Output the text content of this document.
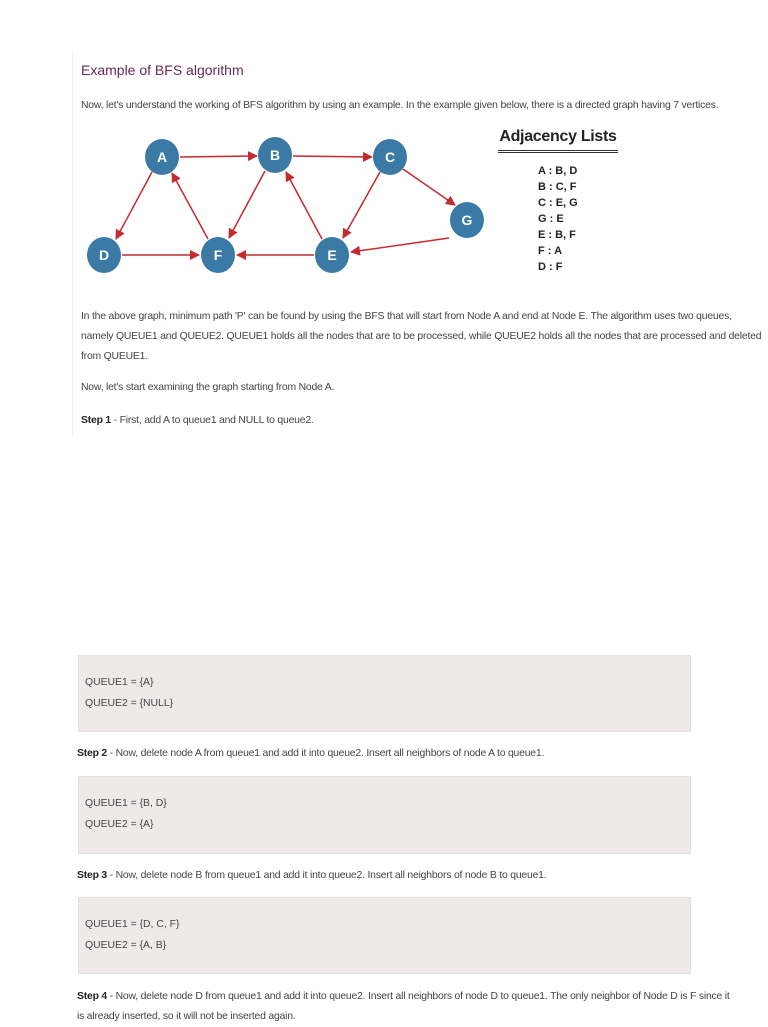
Example of BFS algorithm
Now, let's understand the working of BFS algorithm by using an example. In the example given below, there is a directed graph having 7 vertices.
A	B	C
G
D	F	E
Adjacency Lists
A : B, D
B : C, F
C : E, G
G : E
E : B, F
F : A
D : F
In the above graph, minimum path 'P' can be found by using the BFS that will start from Node A and end at Node E. The algorithm uses two queues,
namely QUEUE1 and QUEUE2. QUEUE1 holds all the nodes that are to be processed, while QUEUE2 holds all the nodes that are processed and deleted
from QUEUE1.
Now, let's start examining the graph starting from Node A.
Step 1 - First, add A to queue1 and NULL to queue2.
QUEUE1 = {A}
QUEUE2 = {NULL}
Step 2 - Now, delete node A from queue1 and add it into queue2. Insert all neighbors of node A to queue1.
QUEUE1 = {B, D}
QUEUE2 = {A}
Step 3 - Now, delete node B from queue1 and add it into queue2. Insert all neighbors of node B to queue1.
QUEUE1 = {D, C, F}
QUEUE2 = {A, B}
Step 4 - Now, delete node D from queue1 and add it into queue2. Insert all neighbors of node D to queue1. The only neighbor of Node D is F since it
is already inserted, so it will not be inserted again.
